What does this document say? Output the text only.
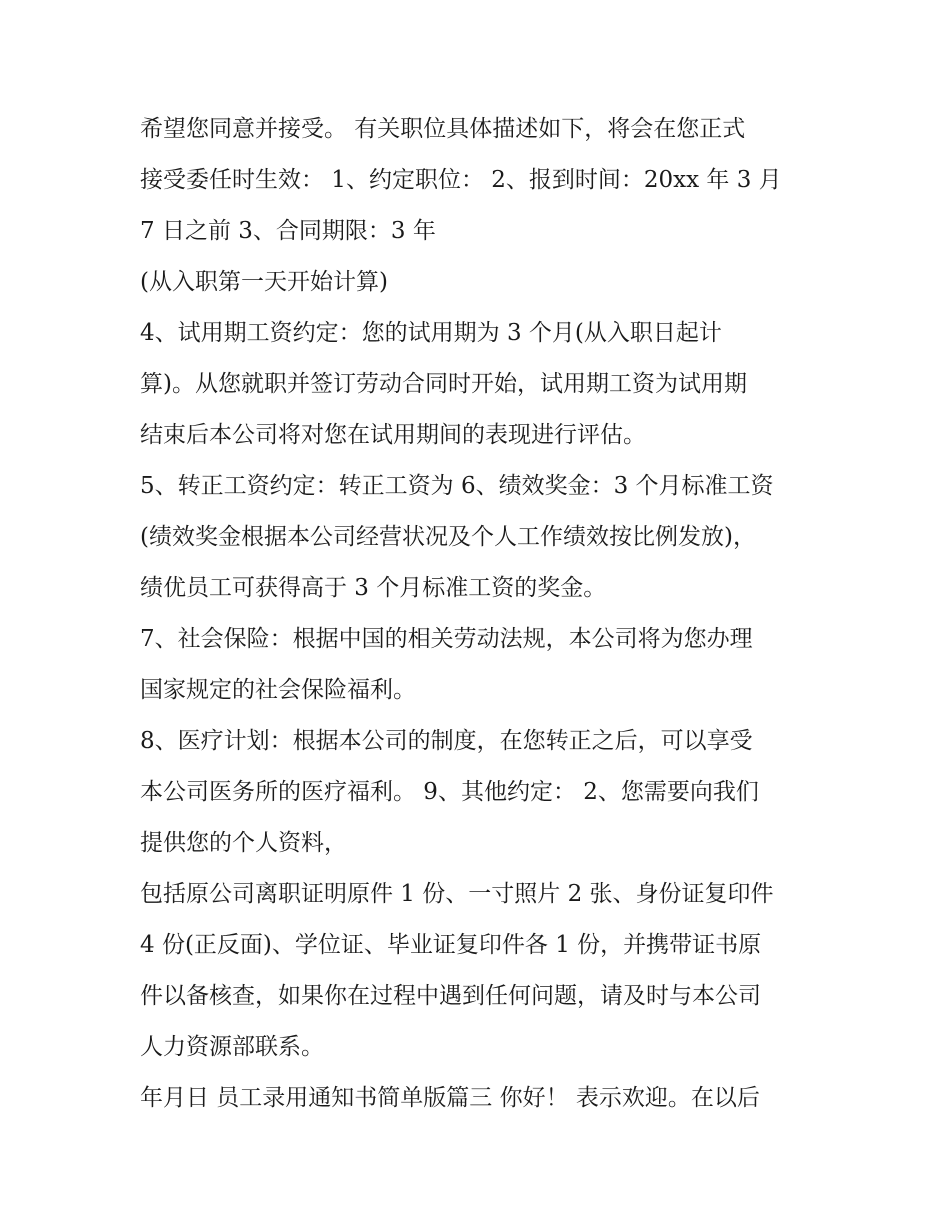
希望您同意并接受。 有关职位具体描述如下，将会在您正式
接受委任时生效： 1、约定职位： 2、报到时间：20xx 年 3 月
7 日之前 3、合同期限：3 年
(从入职第一天开始计算)
4、试用期工资约定：您的试用期为 3 个月(从入职日起计
算)。从您就职并签订劳动合同时开始，试用期工资为试用期
结束后本公司将对您在试用期间的表现进行评估。
5、转正工资约定：转正工资为 6、绩效奖金：3 个月标准工资
(绩效奖金根据本公司经营状况及个人工作绩效按比例发放)，
绩优员工可获得高于 3 个月标准工资的奖金。
7、社会保险：根据中国的相关劳动法规，本公司将为您办理
国家规定的社会保险福利。
8、医疗计划：根据本公司的制度，在您转正之后，可以享受
本公司医务所的医疗福利。 9、其他约定： 2、您需要向我们
提供您的个人资料，
包括原公司离职证明原件 1 份、一寸照片 2 张、身份证复印件
4 份(正反面)、学位证、毕业证复印件各 1 份，并携带证书原
件以备核查，如果你在过程中遇到任何问题，请及时与本公司
人力资源部联系。
年月日 员工录用通知书简单版篇三 你好！ 表示欢迎。在以后
